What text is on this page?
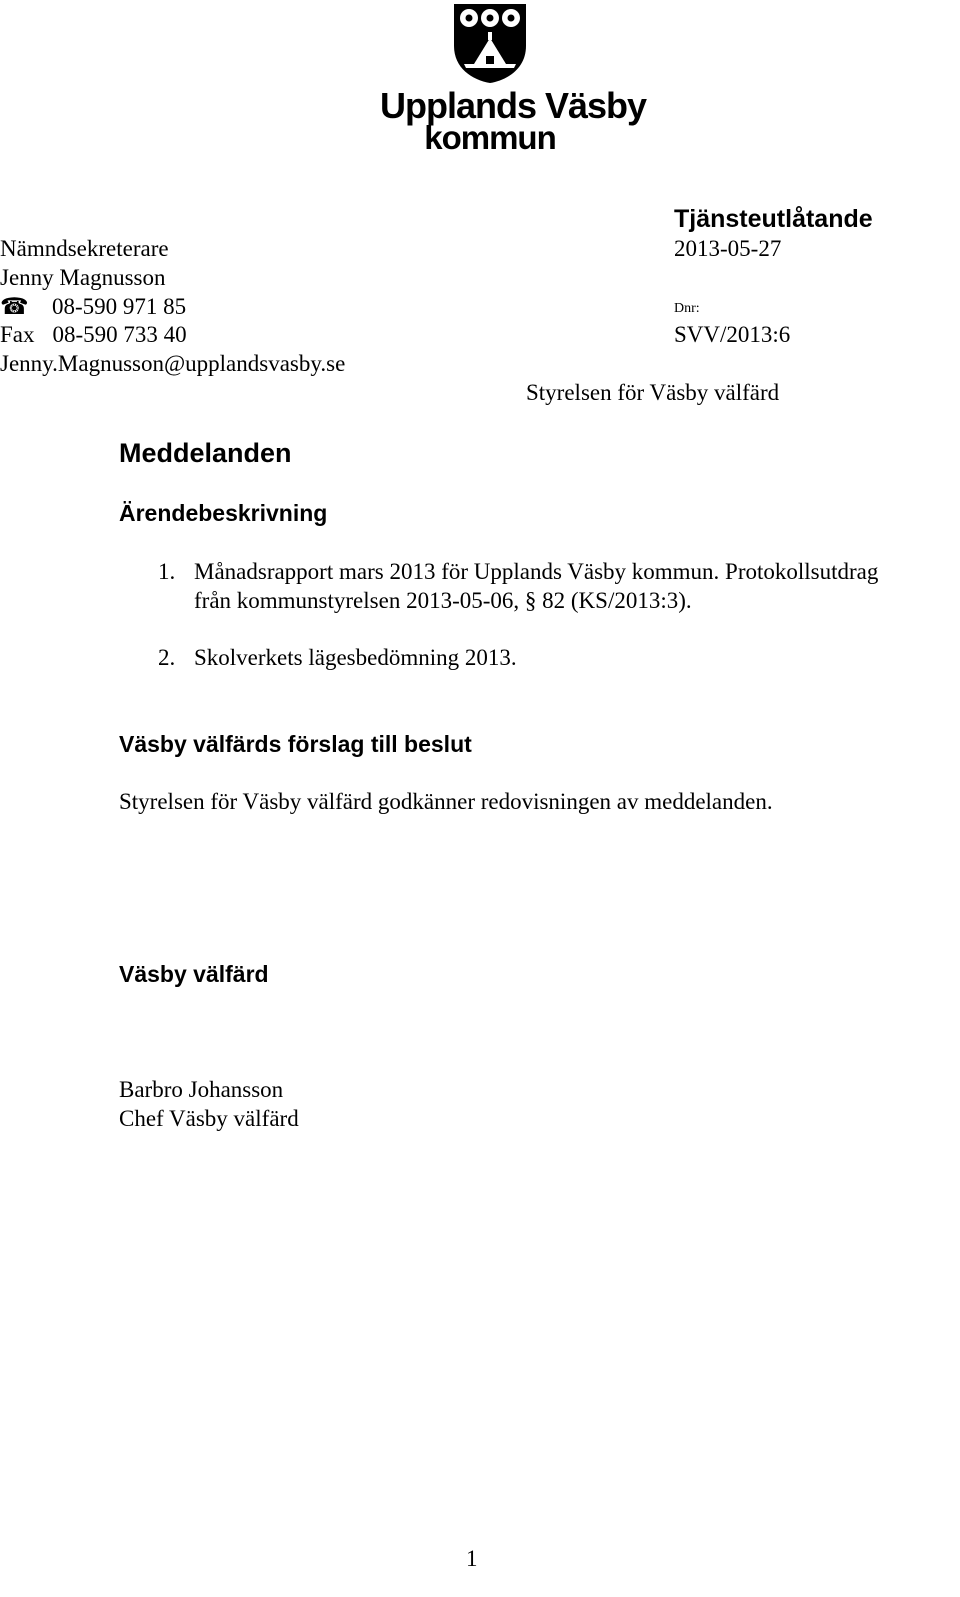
Upplands Väsby
kommun
Tjänsteutlåtande
2013-05-27
Dnr:
SVV/2013:6
Styrelsen för Väsby välfärd
Nämndsekreterare
Jenny Magnusson
☎ 08-590 971 85
Fax 08-590 733 40
Jenny.Magnusson@upplandsvasby.se
Meddelanden
Ärendebeskrivning
1. Månadsrapport mars 2013 för Upplands Väsby kommun. Protokollsutdrag
från kommunstyrelsen 2013-05-06, § 82 (KS/2013:3).
2. Skolverkets lägesbedömning 2013.
Väsby välfärds förslag till beslut
Styrelsen för Väsby välfärd godkänner redovisningen av meddelanden.
Väsby välfärd
Barbro Johansson
Chef Väsby välfärd
1
